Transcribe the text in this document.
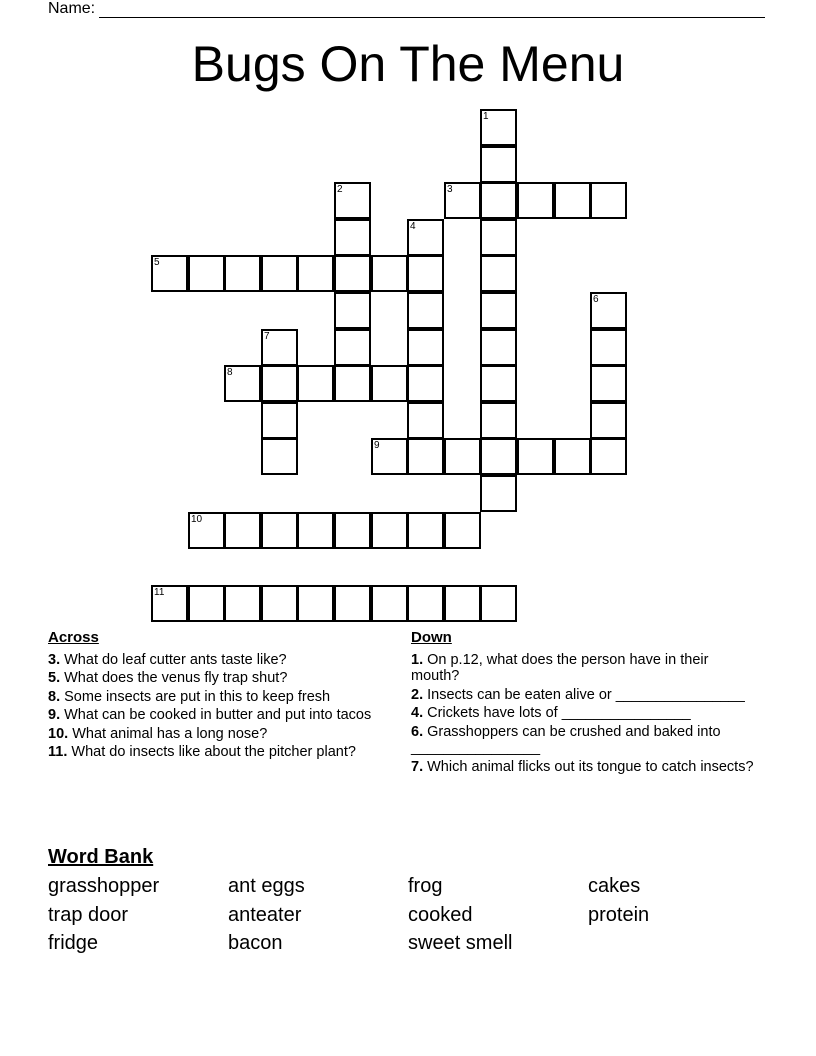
Name:
Bugs On The Menu
3
5
8
9
10
11
1
2
4
6
7
Across
3. What do leaf cutter ants taste like?
5. What does the venus fly trap shut?
8. Some insects are put in this to keep fresh
9. What can be cooked in butter and put into tacos
10. What animal has a long nose?
11. What do insects like about the pitcher plant?
Down
1. On p.12, what does the person have in their mouth?
2. Insects can be eaten alive or ________________
4. Crickets have lots of ________________
6. Grasshoppers can be crushed and baked into ________________
7. Which animal flicks out its tongue to catch insects?
Word Bank
grasshopper	ant eggs	frog	cakes
trap door	anteater	cooked	protein
fridge	bacon	sweet smell
